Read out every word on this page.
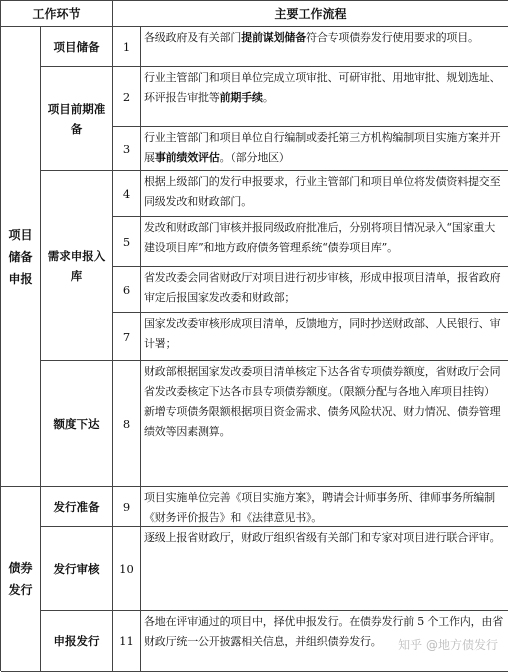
工作环节	主要工作流程
项目储备申报
债券发行
项目储备
项目前期准备
需求申报入库
额度下达
发行准备
发行审核
申报发行
1
各级政府及有关部门提前谋划储备符合专项债券发行使用要求的项目。
2
行业主管部门和项目单位完成立项审批、可研审批、用地审批、规划选址、环评报告审批等前期手续。
3
行业主管部门和项目单位自行编制或委托第三方机构编制项目实施方案并开展事前绩效评估。（部分地区）
4
根据上级部门的发行申报要求，行业主管部门和项目单位将发债资料提交至同级发改和财政部门。
5
发改和财政部门审核并报同级政府批准后，分别将项目情况录入“国家重大建设项目库”和地方政府债务管理系统“债券项目库”。
6
省发改委会同省财政厅对项目进行初步审核，形成申报项目清单，报省政府审定后报国家发改委和财政部；
7
国家发改委审核形成项目清单，反馈地方，同时抄送财政部、人民银行、审计署；
8
财政部根据国家发改委项目清单核定下达各省专项债券额度，省财政厅会同省发改委核定下达各市县专项债券额度。（限额分配与各地入库项目挂钩）
新增专项债务限额根据项目资金需求、债务风险状况、财力情况、债券管理绩效等因素测算。
9
项目实施单位完善《项目实施方案》，聘请会计师事务所、律师事务所编制《财务评价报告》和《法律意见书》。
10
逐级上报省财政厅，财政厅组织省级有关部门和专家对项目进行联合评审。
11
各地在评审通过的项目中，择优申报发行。在债券发行前 5 个工作内，由省财政厅统一公开披露相关信息，并组织债券发行。	知乎 @地方债发行
